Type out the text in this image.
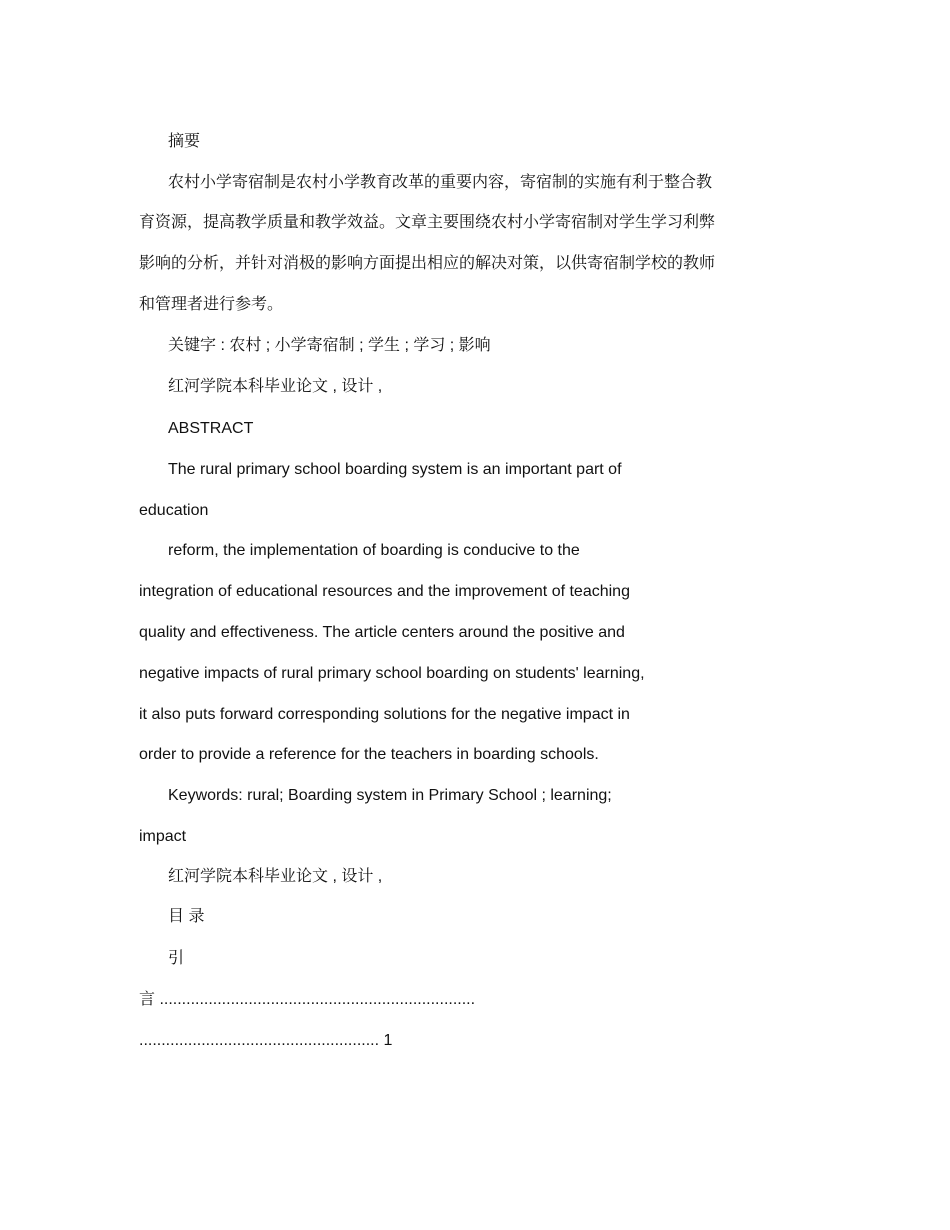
摘要
农村小学寄宿制是农村小学教育改革的重要内容，寄宿制的实施有利于整合教
育资源，提高教学质量和教学效益。文章主要围绕农村小学寄宿制对学生学习利弊
影响的分析，并针对消极的影响方面提出相应的解决对策，以供寄宿制学校的教师
和管理者进行参考。
关键字 : 农村 ; 小学寄宿制 ; 学生 ; 学习 ; 影响
红河学院本科毕业论文 , 设计 ,
ABSTRACT
The rural primary school boarding system is an important part of
education
reform, the implementation of boarding is conducive to the
integration of educational resources and the improvement of teaching
quality and effectiveness. The article centers around the positive and
negative impacts of rural primary school boarding on students' learning,
it also puts forward corresponding solutions for the negative impact in
order to provide a reference for the teachers in boarding schools.
Keywords: rural; Boarding system in Primary School ; learning;
impact
红河学院本科毕业论文 , 设计 ,
目 录
引
言 .......................................................................
...................................................... 1
